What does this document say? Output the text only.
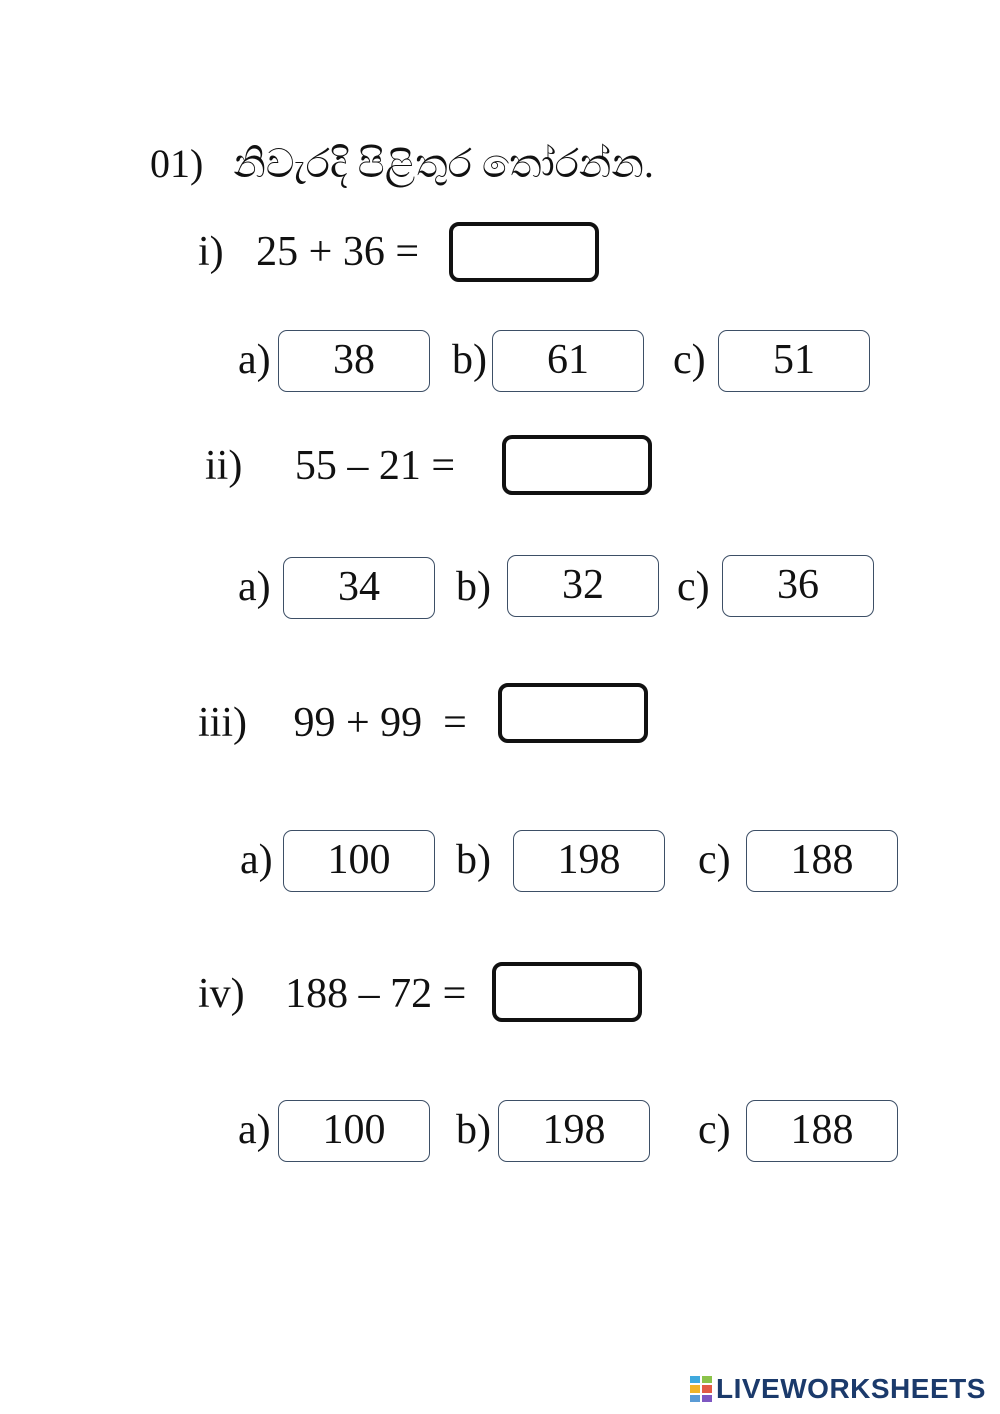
01) නිවැරදි පිළිතුර තෝරන්න.
i) 25 + 36 =
a)	38	b)	61	c)	51
ii) 55 – 21 =
a)	34	b)	32	c)	36
iii) 99 + 99  =
a)	100	b)	198	c)	188
iv) 188 – 72 =
a)	100	b)	198	c)	188
LIVEWORKSHEETS
